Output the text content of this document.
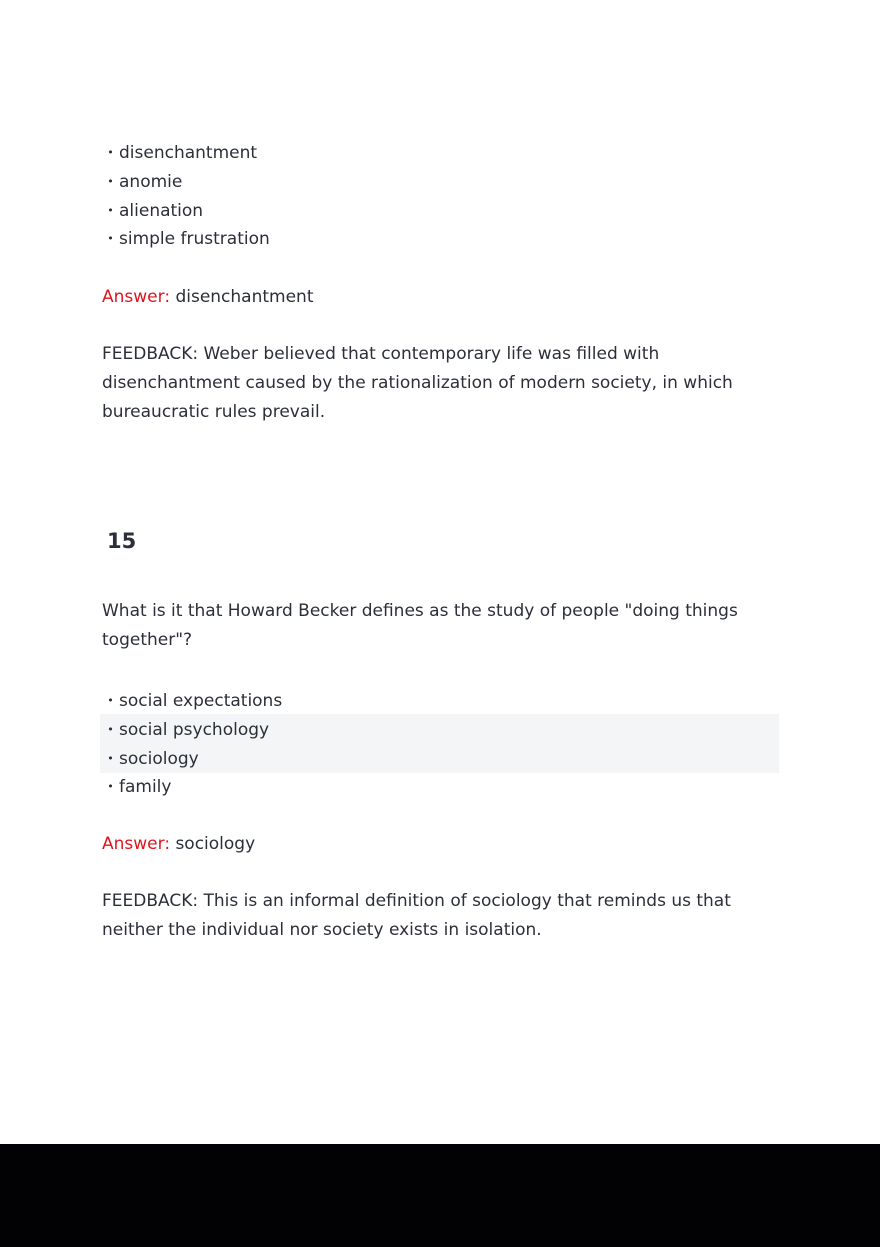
• disenchantment
• anomie
• alienation
• simple frustration
Answer: disenchantment

FEEDBACK: Weber believed that contemporary life was filled with disenchantment caused by the rationalization of modern society, in which bureaucratic rules prevail.

15

What is it that Howard Becker defines as the study of people "doing things together"?

• social expectations
• social psychology
• sociology
• family
Answer: sociology

FEEDBACK: This is an informal definition of sociology that reminds us that neither the individual nor society exists in isolation.
